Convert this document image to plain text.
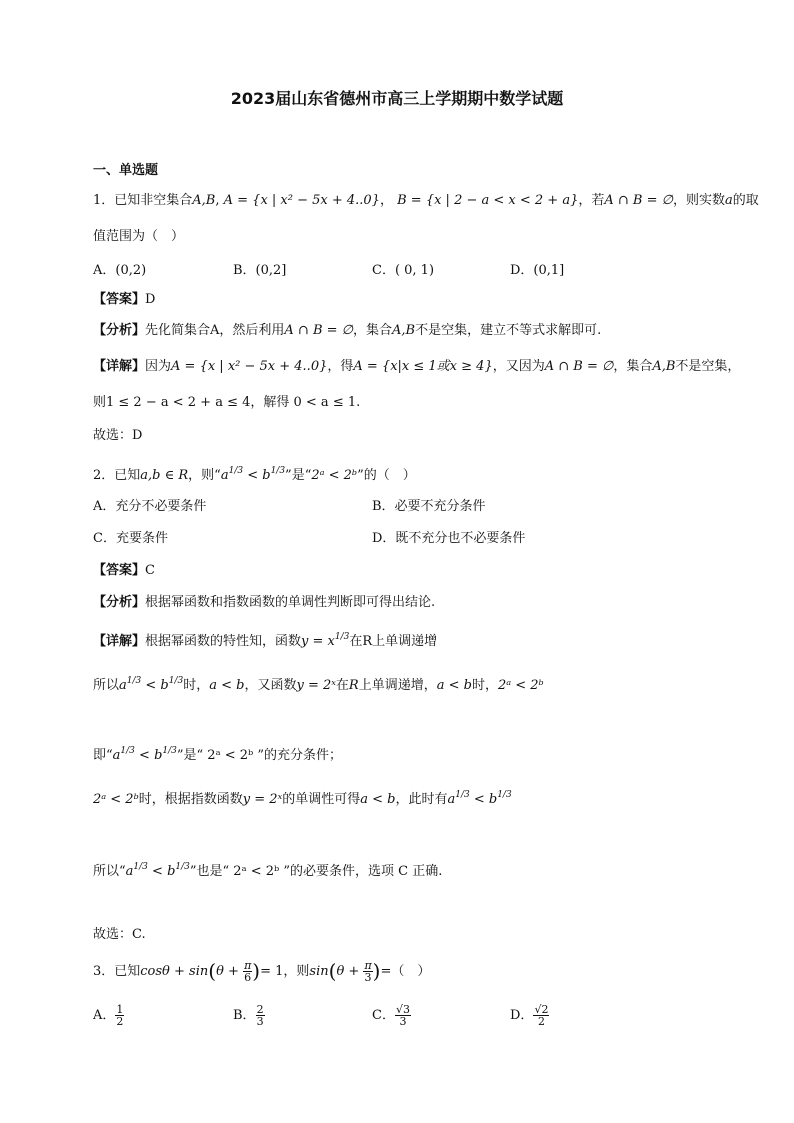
2023届山东省德州市高三上学期期中数学试题
一、单选题
1．已知非空集合A,B, A = {x | x² − 5x + 4..0}， B = {x | 2 − a < x < 2 + a}，若A ∩ B = ∅，则实数a的取
值范围为（　）
A．(0,2)	B．(0,2]	C．( 0, 1)	D．(0,1]
【答案】D
【分析】先化简集合A，然后利用A ∩ B = ∅，集合A,B不是空集，建立不等式求解即可.
【详解】因为A = {x | x² − 5x + 4..0}，得A = {x|x ≤ 1或x ≥ 4}，又因为A ∩ B = ∅，集合A,B不是空集，
则1 ≤ 2 − a < 2 + a ≤ 4，解得 0 < a ≤ 1.
故选：D
2．已知a,b ∈ R，则“$a^{1/3} < b^{1/3}$”是“2ᵃ < 2ᵇ”的（　）
A．充分不必要条件	B．必要不充分条件
C．充要条件	D．既不充分也不必要条件
【答案】C
【分析】根据幂函数和指数函数的单调性判断即可得出结论.
【详解】根据幂函数的特性知，函数$y = x^{1/3}$在R上单调递增
所以$a^{1/3} < b^{1/3}$时，a < b，又函数y = 2ˣ在R上单调递增，a < b时，2ᵃ < 2ᵇ
即“$a^{1/3} < b^{1/3}$”是“ 2ᵃ < 2ᵇ ”的充分条件；
2ᵃ < 2ᵇ时，根据指数函数y = 2ˣ的单调性可得a < b，此时有$a^{1/3} < b^{1/3}$
所以“$a^{1/3} < b^{1/3}$”也是“ 2ᵃ < 2ᵇ ”的必要条件，选项 C 正确.
故选：C.
3．已知$\cos\theta + \sin(\theta + \frac{\pi}{6}$ )= 1，则$\sin(\theta + \frac{\pi}{3}$ )=（　）
A． $\frac{1}{2}$	B． $\frac{2}{3}$	C． $\frac{√3}{3}$	D． $\frac{√2}{2}$
